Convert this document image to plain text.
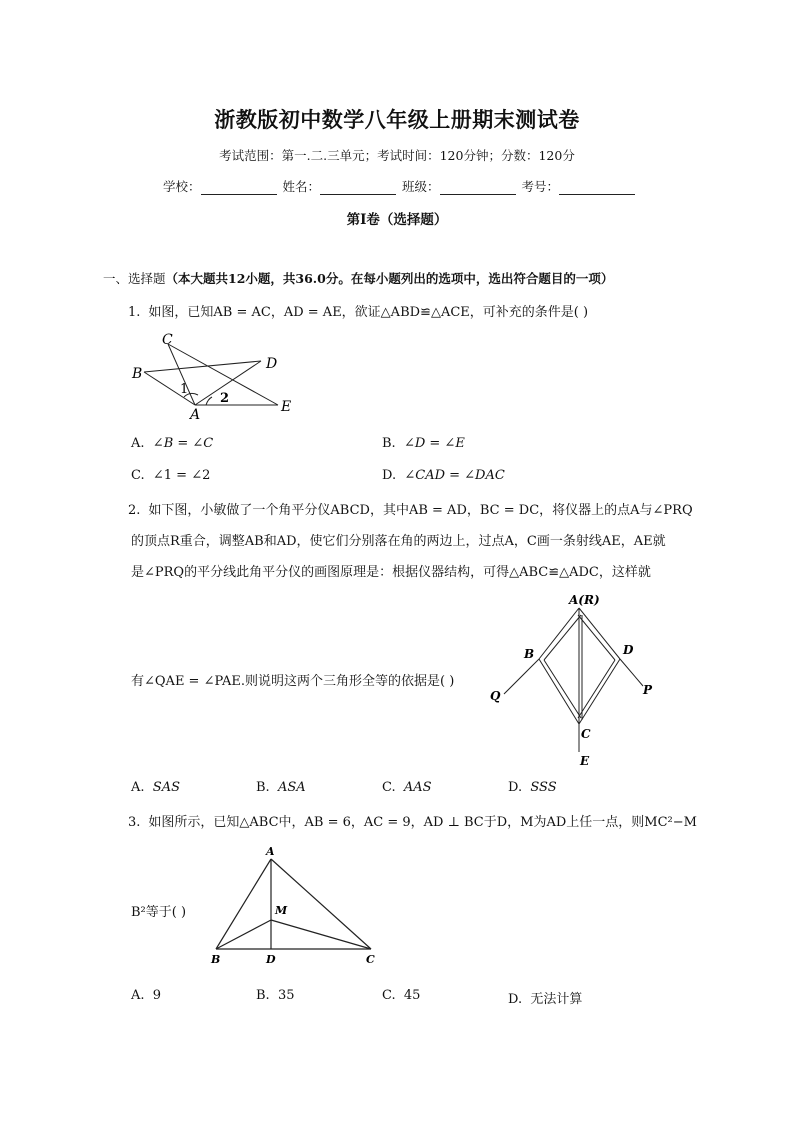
浙教版初中数学八年级上册期末测试卷
考试范围：第一.二.三单元；考试时间：120分钟；分数：120分
学校：	姓名：	班级：	考号：
第I卷（选择题）
一、选择题（本大题共12小题，共36.0分。在每小题列出的选项中，选出符合题目的一项）
1. 如图，已知AB = AC，AD = AE，欲证△ABD≌△ACE，可补充的条件是( )
C
B
D
A	E
1
2
A. ∠B = ∠C	B. ∠D = ∠E
C. ∠1 = ∠2	D. ∠CAD = ∠DAC
2. 如下图，小敏做了一个角平分仪ABCD，其中AB = AD，BC = DC，将仪器上的点A与∠PRQ
的顶点R重合，调整AB和AD，使它们分别落在角的两边上，过点A，C画一条射线AE，AE就
是∠PRQ的平分线此角平分仪的画图原理是：根据仪器结构，可得△ABC≌△ADC，这样就
有∠QAE = ∠PAE.则说明这两个三角形全等的依据是( )
A(R)
B	D
Q	P
C
E
A. SAS	B. ASA	C. AAS	D. SSS
3. 如图所示，已知△ABC中，AB = 6，AC = 9，AD ⊥ BC于D，M为AD上任一点，则MC²−M
B²等于( )
A
M
B	D	C
A. 9	B. 35	C. 45	D. 无法计算
